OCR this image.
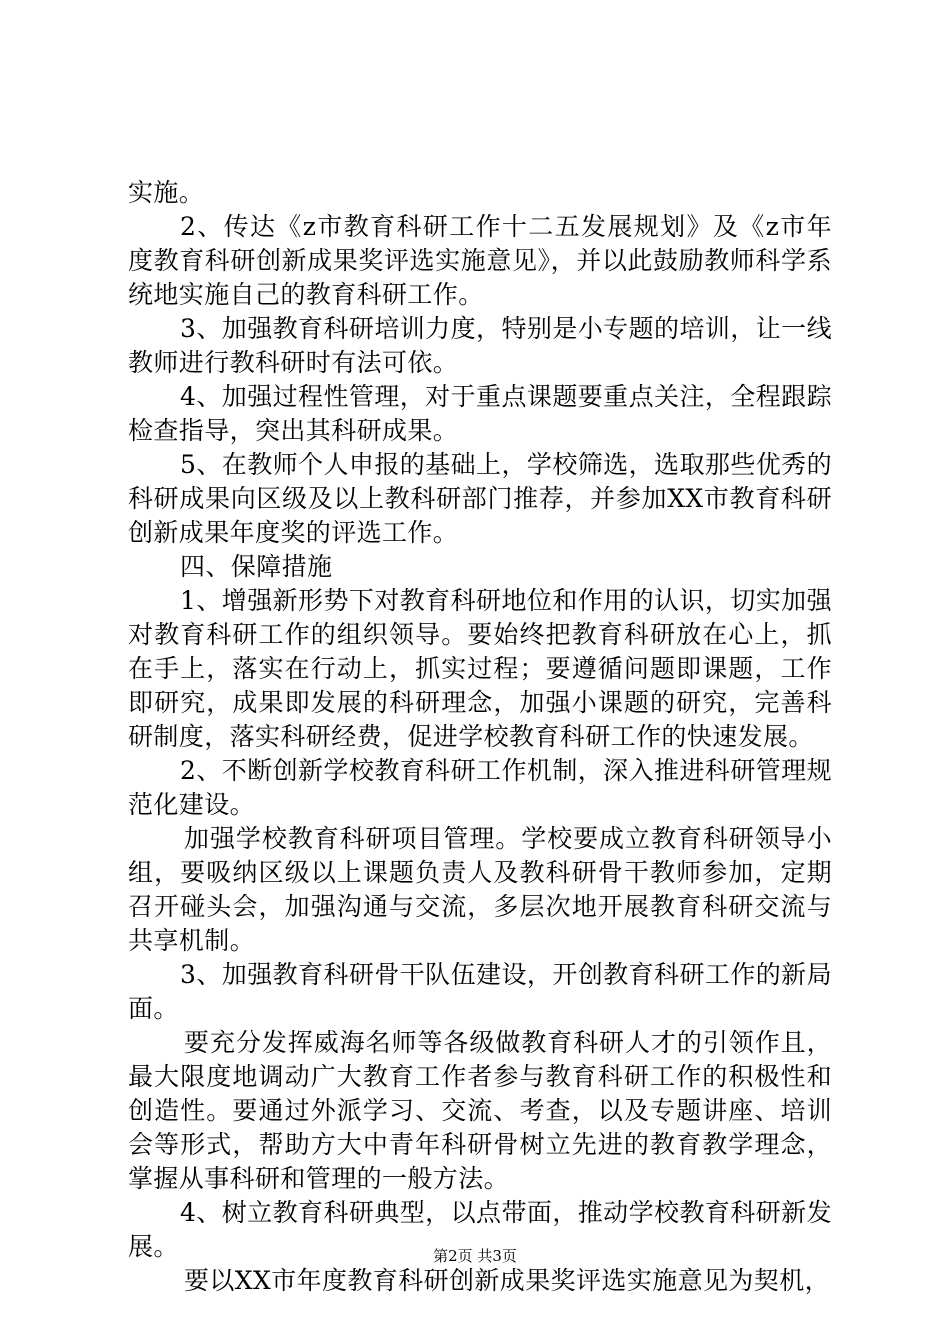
实施。

2、传达《z市教育科研工作十二五发展规划》及《z市年度教育科研创新成果奖评选实施意见》，并以此鼓励教师科学系统地实施自己的教育科研工作。

3、加强教育科研培训力度，特别是小专题的培训，让一线教师进行教科研时有法可依。

4、加强过程性管理，对于重点课题要重点关注，全程跟踪检查指导，突出其科研成果。

5、在教师个人申报的基础上，学校筛选，选取那些优秀的科研成果向区级及以上教科研部门推荐，并参加XX市教育科研创新成果年度奖的评选工作。

四、保障措施

1、增强新形势下对教育科研地位和作用的认识，切实加强对教育科研工作的组织领导。要始终把教育科研放在心上，抓在手上，落实在行动上，抓实过程；要遵循问题即课题，工作即研究，成果即发展的科研理念，加强小课题的研究，完善科研制度，落实科研经费，促进学校教育科研工作的快速发展。

2、不断创新学校教育科研工作机制，深入推进科研管理规范化建设。

加强学校教育科研项目管理。学校要成立教育科研领导小组，要吸纳区级以上课题负责人及教科研骨干教师参加，定期召开碰头会，加强沟通与交流，多层次地开展教育科研交流与共享机制。

3、加强教育科研骨干队伍建设，开创教育科研工作的新局面。

要充分发挥威海名师等各级做教育科研人才的引领作且，最大限度地调动广大教育工作者参与教育科研工作的积极性和创造性。要通过外派学习、交流、考查，以及专题讲座、培训会等形式，帮助方大中青年科研骨树立先进的教育教学理念，掌握从事科研和管理的一般方法。

4、树立教育科研典型，以点带面，推动学校教育科研新发展。

要以XX市年度教育科研创新成果奖评选实施意见为契机，

第2页 共3页
